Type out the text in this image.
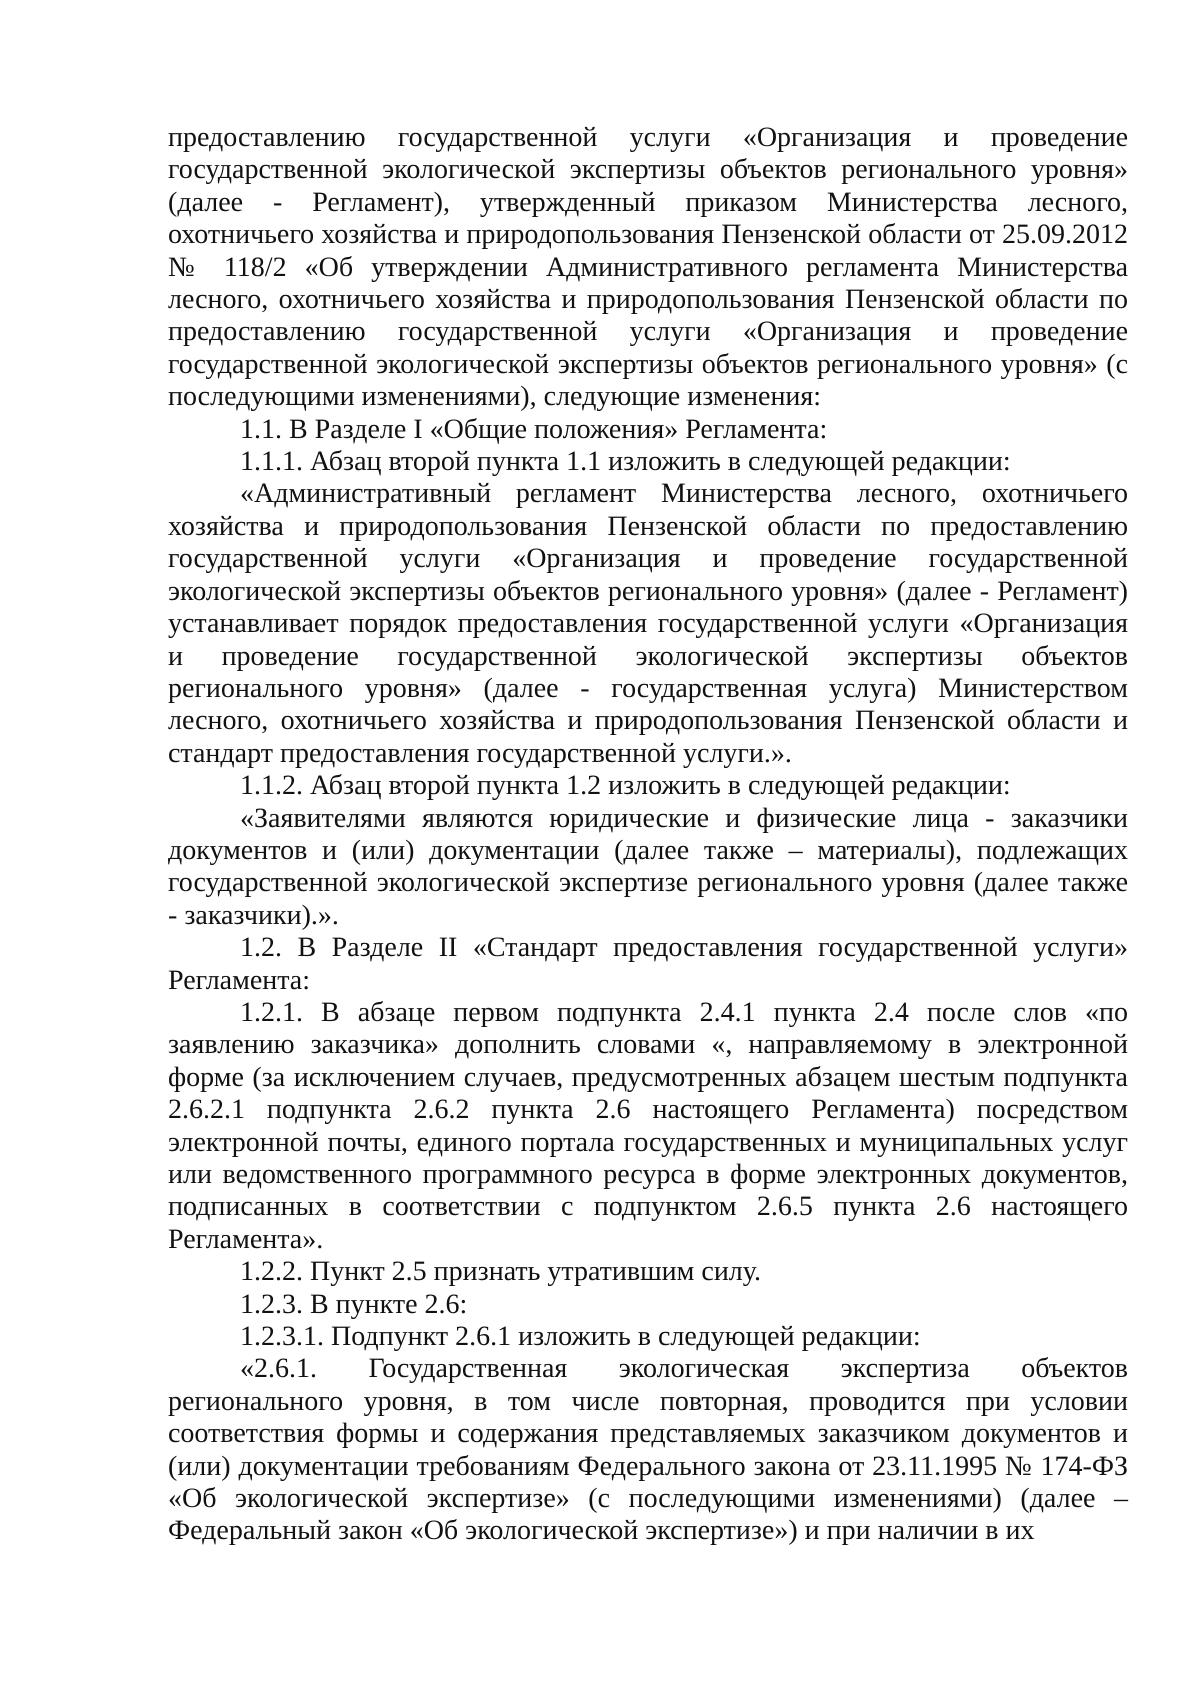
предоставлению государственной услуги «Организация и проведение государственной экологической экспертизы объектов регионального уровня» (далее - Регламент), утвержденный приказом Министерства лесного, охотничьего хозяйства и природопользования Пензенской области от 25.09.2012 № 118/2 «Об утверждении Административного регламента Министерства лесного, охотничьего хозяйства и природопользования Пензенской области по предоставлению государственной услуги «Организация и проведение государственной экологической экспертизы объектов регионального уровня» (с последующими изменениями), следующие изменения:

1.1. В Разделе I «Общие положения» Регламента:

1.1.1. Абзац второй пункта 1.1 изложить в следующей редакции:

«Административный регламент Министерства лесного, охотничьего хозяйства и природопользования Пензенской области по предоставлению государственной услуги «Организация и проведение государственной экологической экспертизы объектов регионального уровня» (далее - Регламент) устанавливает порядок предоставления государственной услуги «Организация и проведение государственной экологической экспертизы объектов регионального уровня» (далее - государственная услуга) Министерством лесного, охотничьего хозяйства и природопользования Пензенской области и стандарт предоставления государственной услуги.».

1.1.2. Абзац второй пункта 1.2 изложить в следующей редакции:

«Заявителями являются юридические и физические лица - заказчики документов и (или) документации (далее также – материалы), подлежащих государственной экологической экспертизе регионального уровня (далее также - заказчики).».

1.2. В Разделе II «Стандарт предоставления государственной услуги» Регламента:

1.2.1. В абзаце первом подпункта 2.4.1 пункта 2.4 после слов «по заявлению заказчика» дополнить словами «, направляемому в электронной форме (за исключением случаев, предусмотренных абзацем шестым подпункта 2.6.2.1 подпункта 2.6.2 пункта 2.6 настоящего Регламента) посредством электронной почты, единого портала государственных и муниципальных услуг или ведомственного программного ресурса в форме электронных документов, подписанных в соответствии с подпунктом 2.6.5 пункта 2.6 настоящего Регламента».

1.2.2. Пункт 2.5 признать утратившим силу.

1.2.3. В пункте 2.6:

1.2.3.1. Подпункт 2.6.1 изложить в следующей редакции:

«2.6.1. Государственная экологическая экспертиза объектов регионального уровня, в том числе повторная, проводится при условии соответствия формы и содержания представляемых заказчиком документов и (или) документации требованиям Федерального закона от 23.11.1995 № 174-ФЗ «Об экологической экспертизе» (с последующими изменениями) (далее – Федеральный закон «Об экологической экспертизе») и при наличии в их
